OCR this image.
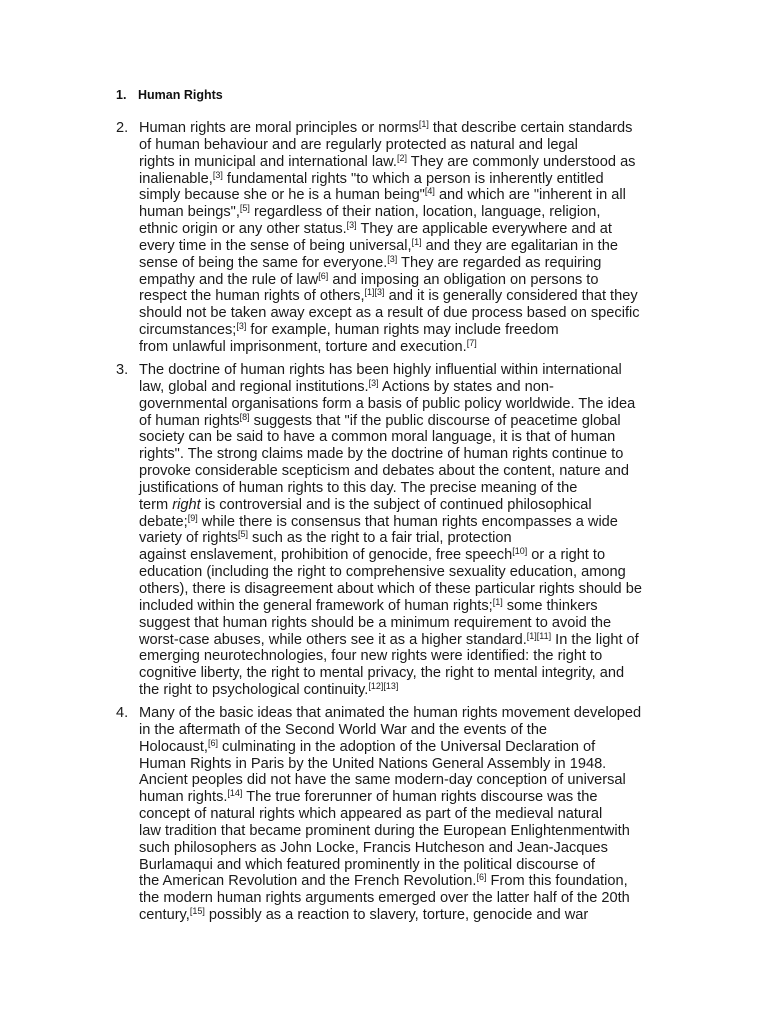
1. Human Rights
2. Human rights are moral principles or norms[1] that describe certain standards
of human behaviour and are regularly protected as natural and legal
rights in municipal and international law.[2] They are commonly understood as
inalienable,[3] fundamental rights "to which a person is inherently entitled
simply because she or he is a human being"[4] and which are "inherent in all
human beings",[5] regardless of their nation, location, language, religion,
ethnic origin or any other status.[3] They are applicable everywhere and at
every time in the sense of being universal,[1] and they are egalitarian in the
sense of being the same for everyone.[3] They are regarded as requiring
empathy and the rule of law[6] and imposing an obligation on persons to
respect the human rights of others,[1][3] and it is generally considered that they
should not be taken away except as a result of due process based on specific
circumstances;[3] for example, human rights may include freedom
from unlawful imprisonment, torture and execution.[7]
3. The doctrine of human rights has been highly influential within international
law, global and regional institutions.[3] Actions by states and non-
governmental organisations form a basis of public policy worldwide. The idea
of human rights[8] suggests that "if the public discourse of peacetime global
society can be said to have a common moral language, it is that of human
rights". The strong claims made by the doctrine of human rights continue to
provoke considerable scepticism and debates about the content, nature and
justifications of human rights to this day. The precise meaning of the
term right is controversial and is the subject of continued philosophical
debate;[9] while there is consensus that human rights encompasses a wide
variety of rights[5] such as the right to a fair trial, protection
against enslavement, prohibition of genocide, free speech[10] or a right to
education (including the right to comprehensive sexuality education, among
others), there is disagreement about which of these particular rights should be
included within the general framework of human rights;[1] some thinkers
suggest that human rights should be a minimum requirement to avoid the
worst-case abuses, while others see it as a higher standard.[1][11] In the light of
emerging neurotechnologies, four new rights were identified: the right to
cognitive liberty, the right to mental privacy, the right to mental integrity, and
the right to psychological continuity.[12][13]
4. Many of the basic ideas that animated the human rights movement developed
in the aftermath of the Second World War and the events of the
Holocaust,[6] culminating in the adoption of the Universal Declaration of
Human Rights in Paris by the United Nations General Assembly in 1948.
Ancient peoples did not have the same modern-day conception of universal
human rights.[14] The true forerunner of human rights discourse was the
concept of natural rights which appeared as part of the medieval natural
law tradition that became prominent during the European Enlightenmentwith
such philosophers as John Locke, Francis Hutcheson and Jean-Jacques
Burlamaqui and which featured prominently in the political discourse of
the American Revolution and the French Revolution.[6] From this foundation,
the modern human rights arguments emerged over the latter half of the 20th
century,[15] possibly as a reaction to slavery, torture, genocide and war
